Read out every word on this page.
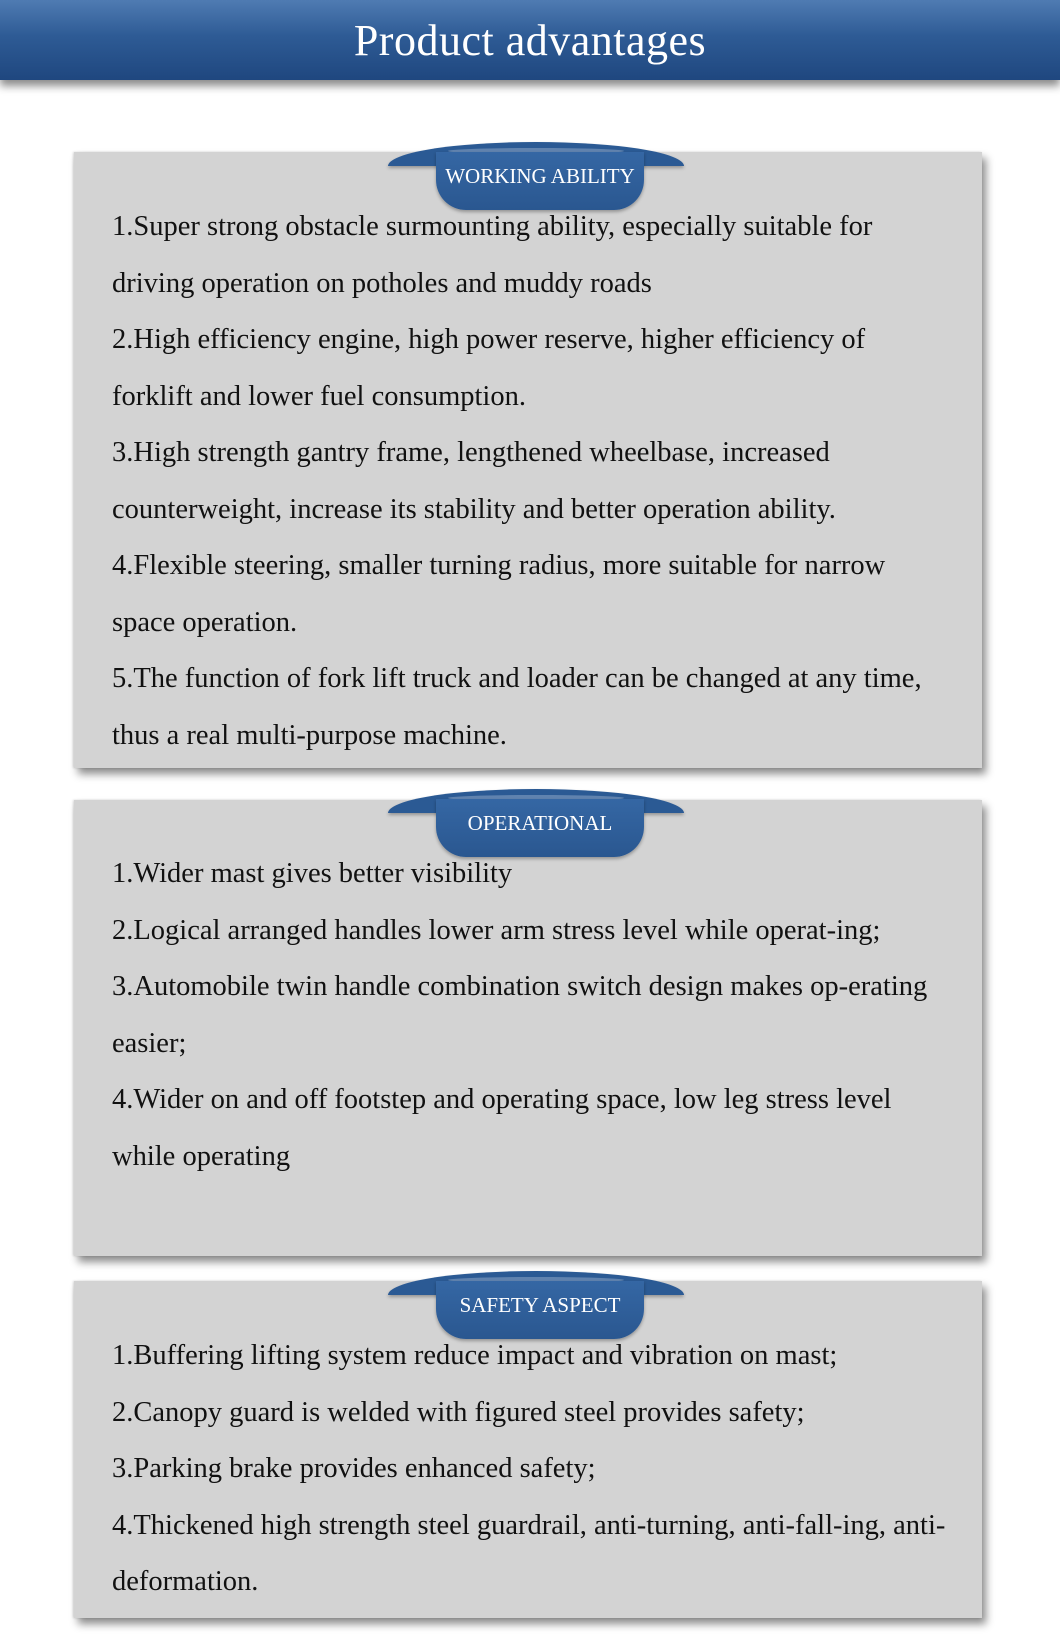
Product advantages
WORKING ABILITY

1.Super strong obstacle surmounting ability, especially suitable for driving operation on potholes and muddy roads

2.High efficiency engine, high power reserve, higher efficiency of forklift and lower fuel consumption.

3.High strength gantry frame, lengthened wheelbase, increased counterweight, increase its stability and better operation ability.

4.Flexible steering, smaller turning radius, more suitable for narrow space operation.

5.The function of fork lift truck and loader can be changed at any time, thus a real multi-purpose machine.

OPERATIONAL

1.Wider mast gives better visibility

2.Logical arranged handles lower arm stress level while operat-ing;

3.Automobile twin handle combination switch design makes op-erating easier;

4.Wider on and off footstep and operating space, low leg stress level while operating

SAFETY ASPECT

1.Buffering lifting system reduce impact and vibration on mast;

2.Canopy guard is welded with figured steel provides safety;

3.Parking brake provides enhanced safety;

4.Thickened high strength steel guardrail, anti-turning, anti-fall-ing, anti-deformation.
